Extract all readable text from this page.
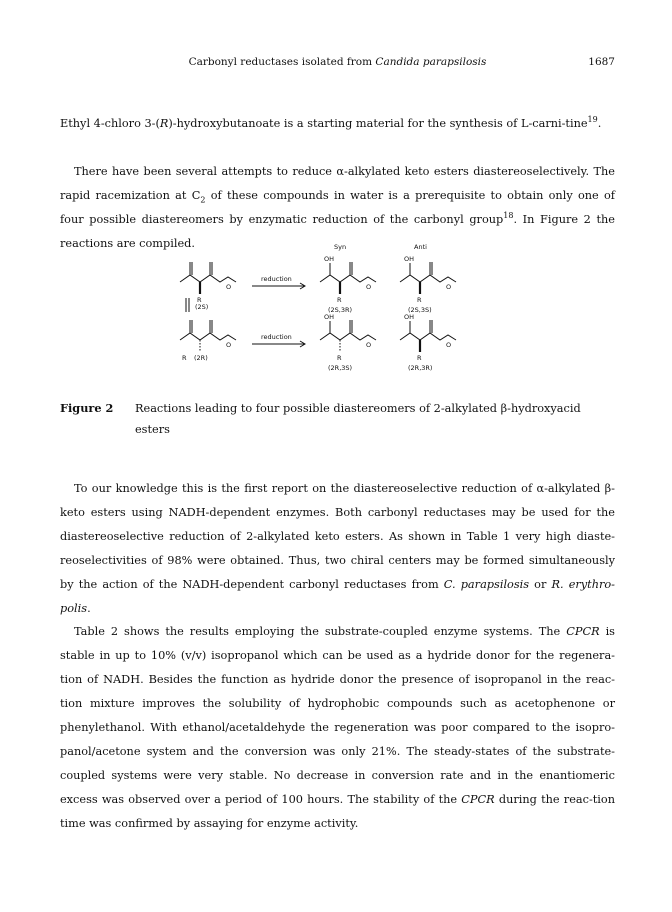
Carbonyl reductases isolated from Candida parapsilosis	1687

Ethyl 4-chloro 3-(R)-hydroxybutanoate is a starting material for the synthesis of L-carni-tine$^{19}$.

There have been several attempts to reduce α-alkylated keto esters diastereoselectively. The rapid racemization at $C_2$ of these compounds in water is a prerequisite to obtain only one of four possible diastereomers by enzymatic reduction of the carbonyl group$^{18}$. In Figure 2 the reactions are compiled.	Syn	Anti
reduction
reduction
OH	OH
OH	OH
O	O	O
O	O	O
R	R	R
R	R	R
(2S)
(2R)
(2S,3R)	(2S,3S)
(2R,3S)	(2R,3R)
Figure 2 Reactions leading to four possible diastereomers of 2-alkylated β-hydroxyacid esters

To our knowledge this is the first report on the diastereoselective reduction of α-alkylated β-keto esters using NADH-dependent enzymes. Both carbonyl reductases may be used for the diastereoselective reduction of 2-alkylated keto esters. As shown in Table 1 very high diaste-reoselectivities of 98% were obtained. Thus, two chiral centers may be formed simultaneously by the action of the NADH-dependent carbonyl reductases from C. parapsilosis or R. erythro-polis.

Table 2 shows the results employing the substrate-coupled enzyme systems. The CPCR is stable in up to 10% (v/v) isopropanol which can be used as a hydride donor for the regenera-tion of NADH. Besides the function as hydride donor the presence of isopropanol in the reac-tion mixture improves the solubility of hydrophobic compounds such as acetophenone or phenylethanol. With ethanol/acetaldehyde the regeneration was poor compared to the isopro-panol/acetone system and the conversion was only 21%. The steady-states of the substrate-coupled systems were very stable. No decrease in conversion rate and in the enantiomeric excess was observed over a period of 100 hours. The stability of the CPCR during the reac-tion time was confirmed by assaying for enzyme activity.
